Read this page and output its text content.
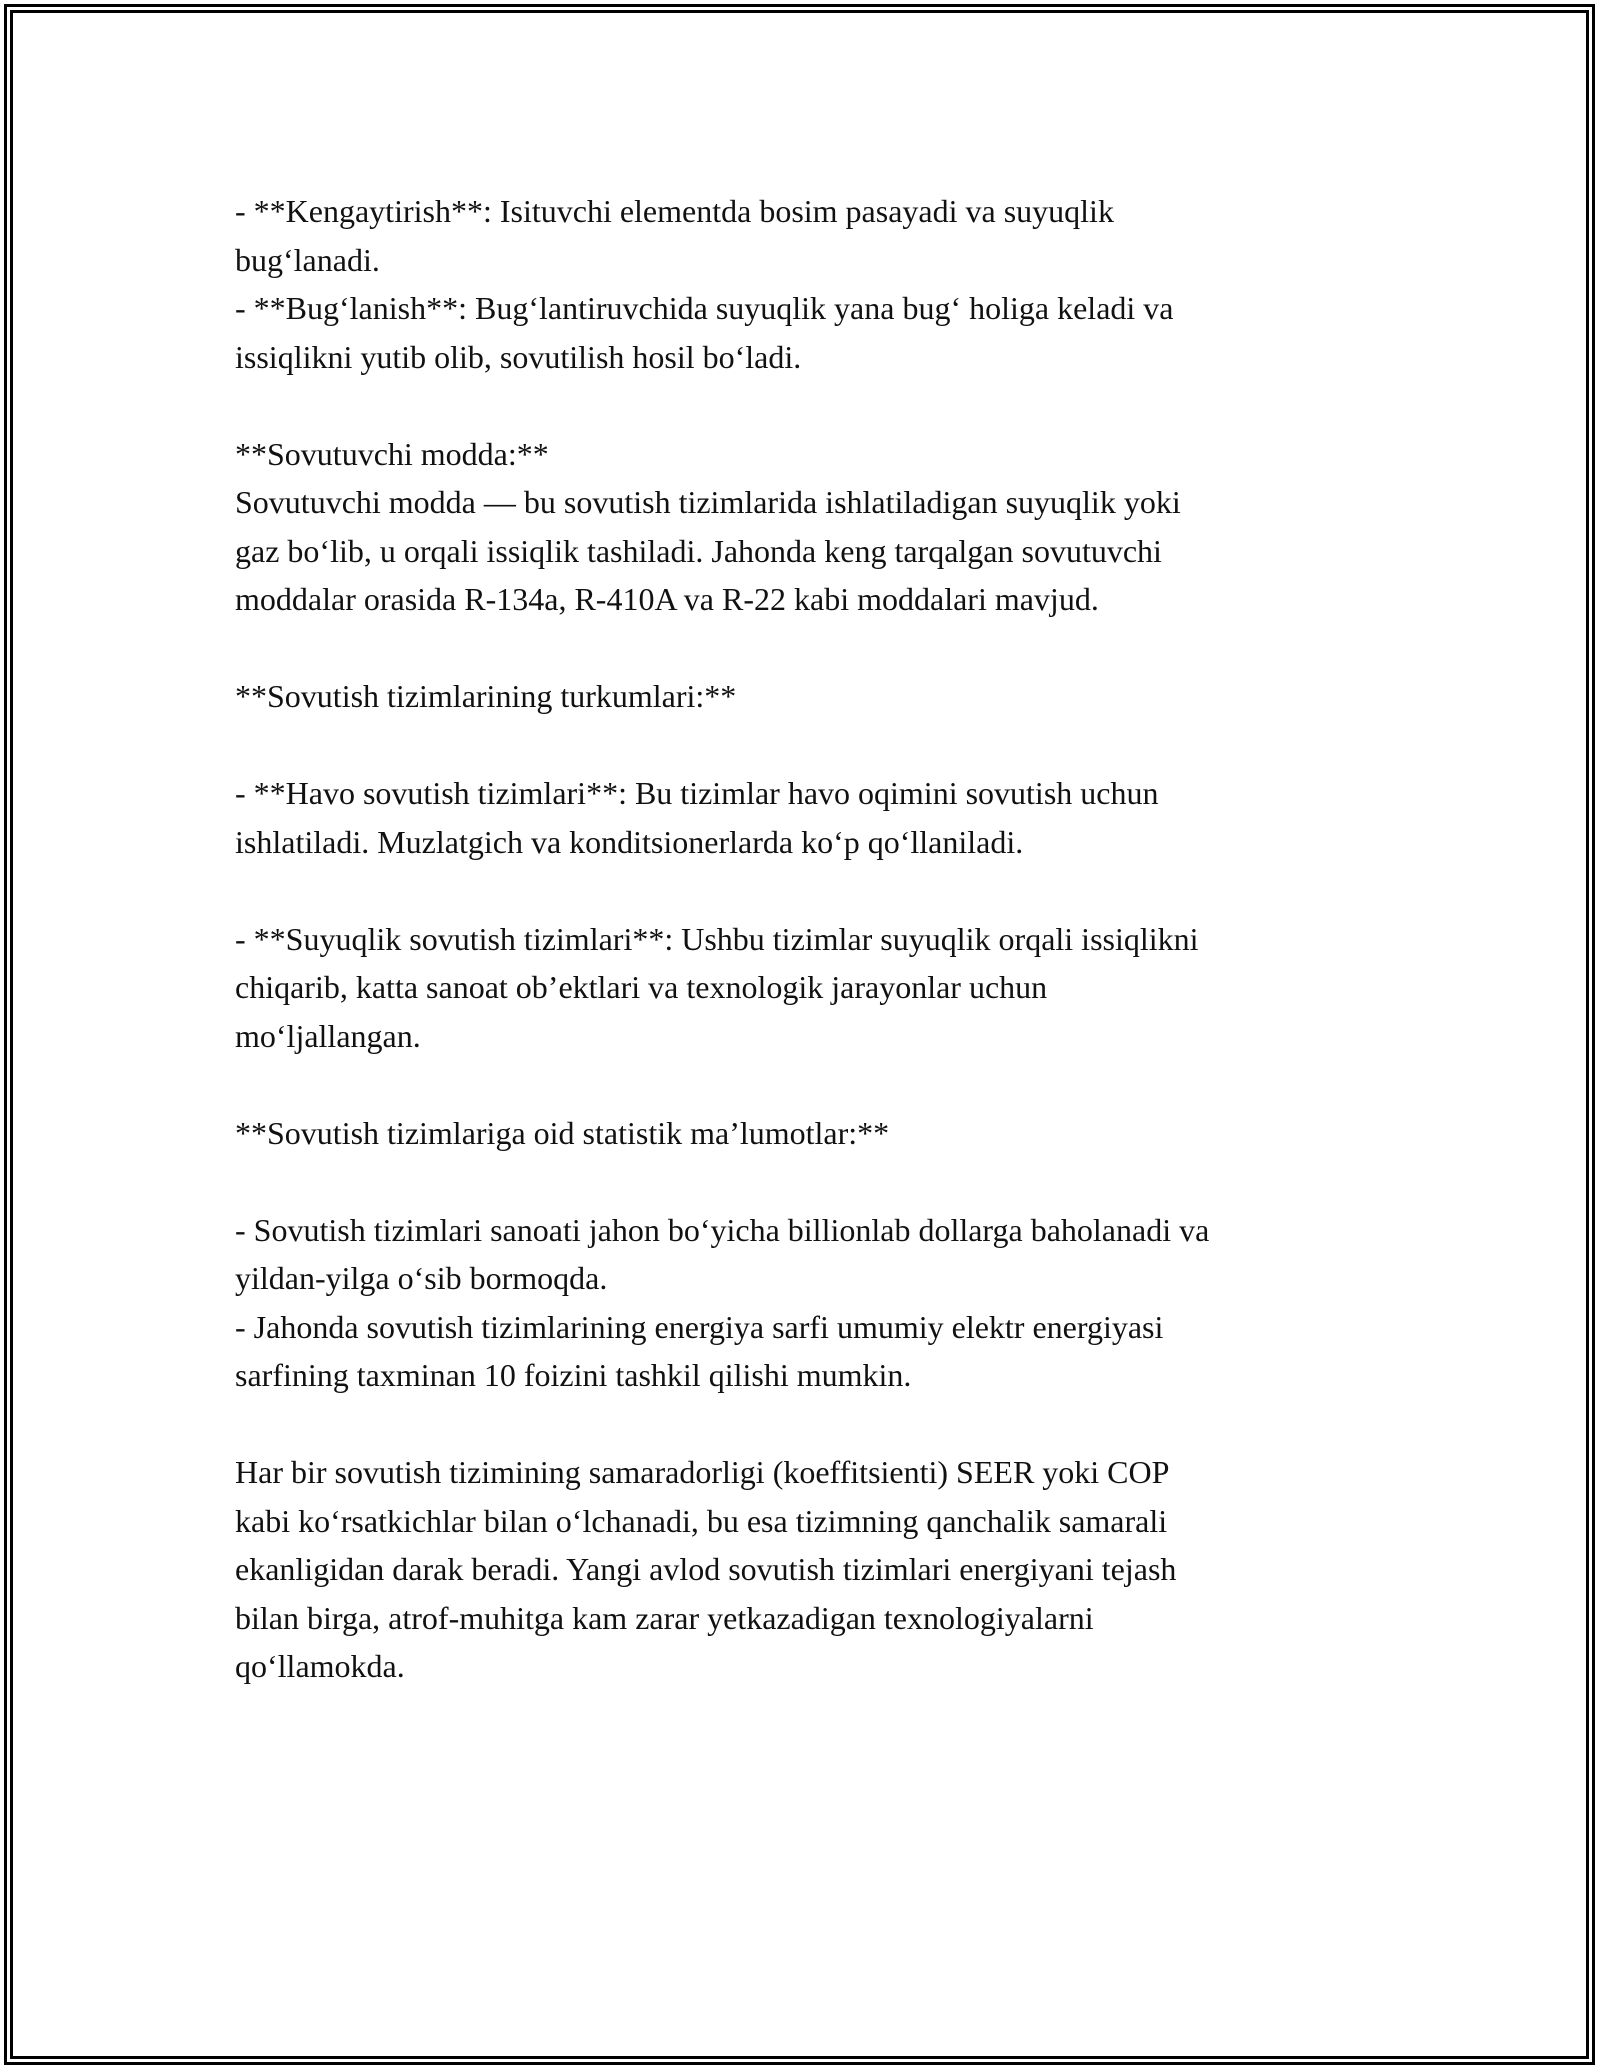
- **Kengaytirish**: Isituvchi elementda bosim pasayadi va suyuqlik
bug‘lanadi.
- **Bug‘lanish**: Bug‘lantiruvchida suyuqlik yana bug‘ holiga keladi va
issiqlikni yutib olib, sovutilish hosil bo‘ladi.
**Sovutuvchi modda:**
Sovutuvchi modda — bu sovutish tizimlarida ishlatiladigan suyuqlik yoki
gaz bo‘lib, u orqali issiqlik tashiladi. Jahonda keng tarqalgan sovutuvchi
moddalar orasida R-134a, R-410A va R-22 kabi moddalari mavjud.
**Sovutish tizimlarining turkumlari:**
- **Havo sovutish tizimlari**: Bu tizimlar havo oqimini sovutish uchun
ishlatiladi. Muzlatgich va konditsionerlarda ko‘p qo‘llaniladi.
- **Suyuqlik sovutish tizimlari**: Ushbu tizimlar suyuqlik orqali issiqlikni
chiqarib, katta sanoat ob’ektlari va texnologik jarayonlar uchun
mo‘ljallangan.
**Sovutish tizimlariga oid statistik ma’lumotlar:**
- Sovutish tizimlari sanoati jahon bo‘yicha billionlab dollarga baholanadi va
yildan-yilga o‘sib bormoqda.
- Jahonda sovutish tizimlarining energiya sarfi umumiy elektr energiyasi
sarfining taxminan 10 foizini tashkil qilishi mumkin.
Har bir sovutish tizimining samaradorligi (koeffitsienti) SEER yoki COP
kabi ko‘rsatkichlar bilan o‘lchanadi, bu esa tizimning qanchalik samarali
ekanligidan darak beradi. Yangi avlod sovutish tizimlari energiyani tejash
bilan birga, atrof-muhitga kam zarar yetkazadigan texnologiyalarni
qo‘llamokda.
